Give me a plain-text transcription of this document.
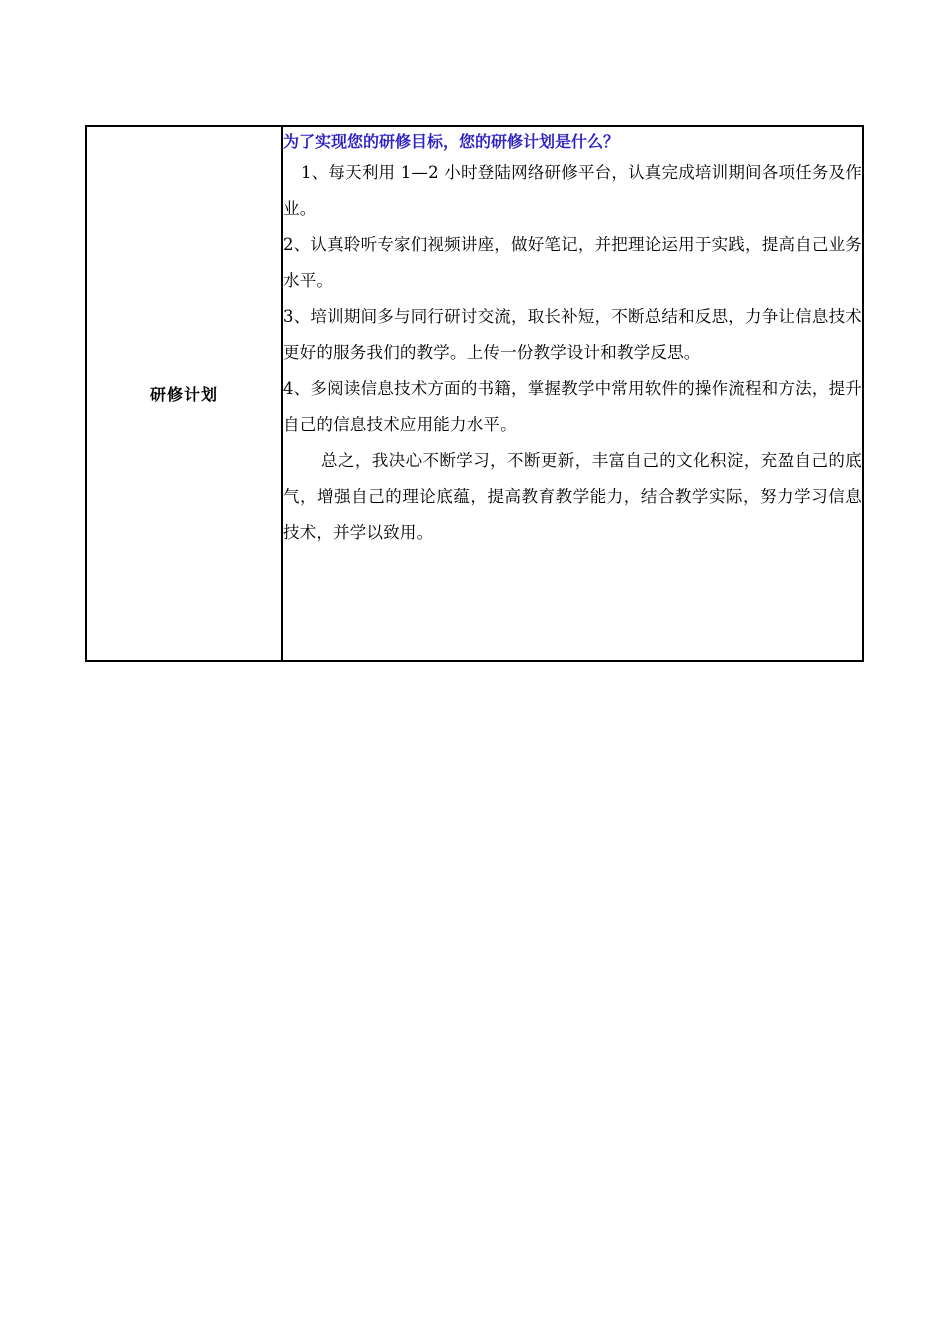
研修计划	

为了实现您的研修目标，您的研修计划是什么？

1、每天利用 1—2 小时登陆网络研修平台，认真完成培训期间各项任务及作业。

2、认真聆听专家们视频讲座，做好笔记，并把理论运用于实践，提高自己业务水平。

3、培训期间多与同行研讨交流，取长补短，不断总结和反思，力争让信息技术更好的服务我们的教学。上传一份教学设计和教学反思。

4、多阅读信息技术方面的书籍，掌握教学中常用软件的操作流程和方法，提升自己的信息技术应用能力水平。

总之，我决心不断学习，不断更新，丰富自己的文化积淀，充盈自己的底气，增强自己的理论底蕴，提高教育教学能力，结合教学实际，努力学习信息技术，并学以致用。
